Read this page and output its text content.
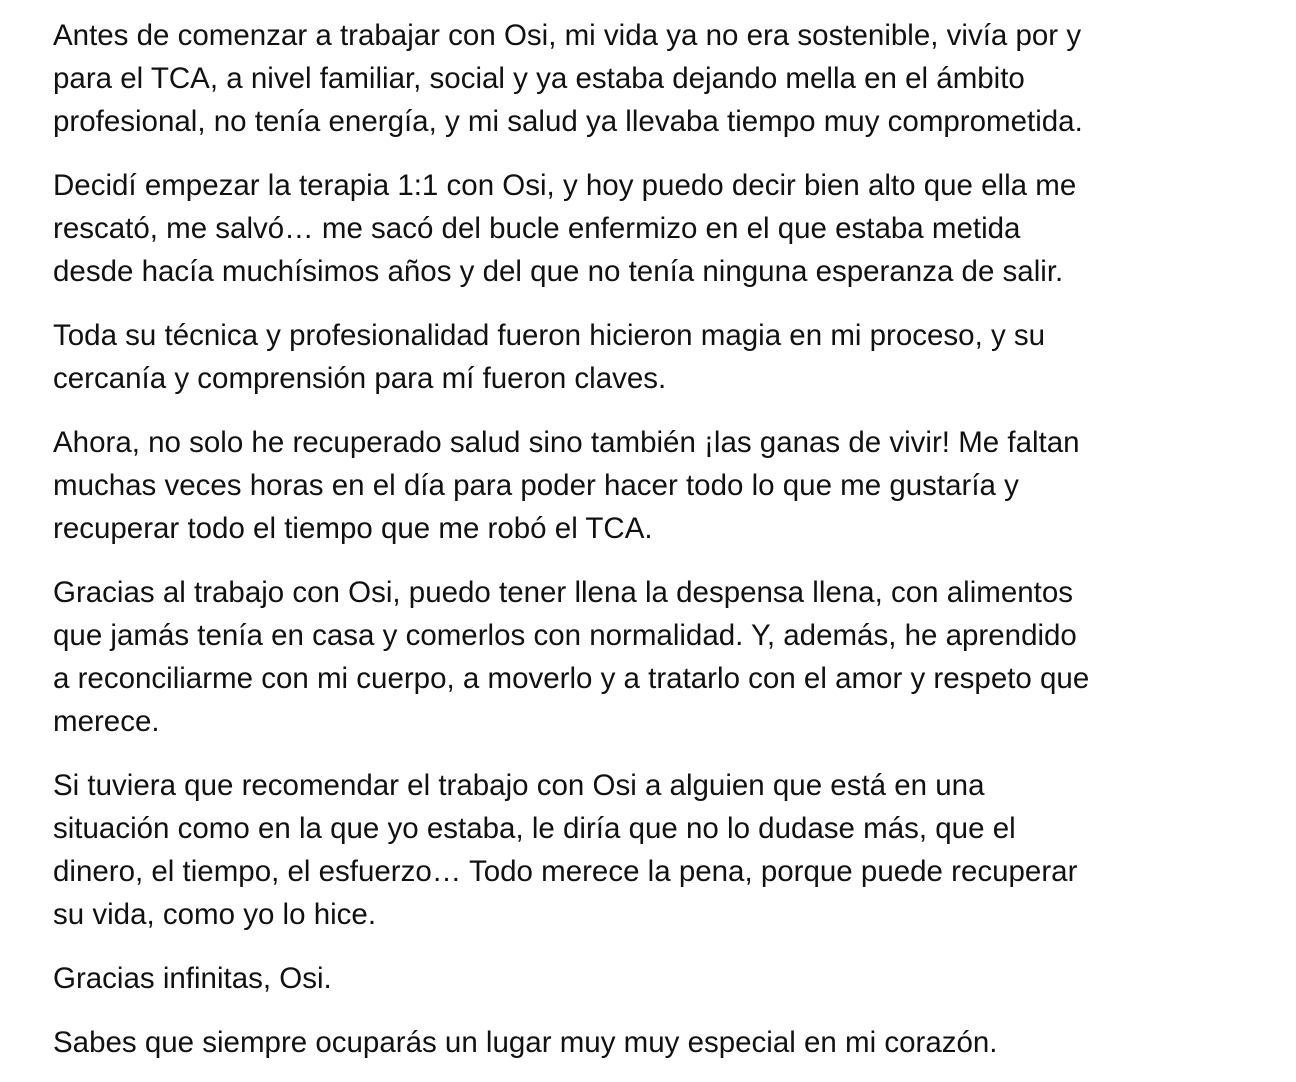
Antes de comenzar a trabajar con Osi, mi vida ya no era sostenible, vivía por y
para el TCA, a nivel familiar, social y ya estaba dejando mella en el ámbito
profesional, no tenía energía, y mi salud ya llevaba tiempo muy comprometida.

Decidí empezar la terapia 1:1 con Osi, y hoy puedo decir bien alto que ella me
rescató, me salvó… me sacó del bucle enfermizo en el que estaba metida
desde hacía muchísimos años y del que no tenía ninguna esperanza de salir.

Toda su técnica y profesionalidad fueron hicieron magia en mi proceso, y su
cercanía y comprensión para mí fueron claves.

Ahora, no solo he recuperado salud sino también ¡las ganas de vivir! Me faltan
muchas veces horas en el día para poder hacer todo lo que me gustaría y
recuperar todo el tiempo que me robó el TCA.

Gracias al trabajo con Osi, puedo tener llena la despensa llena, con alimentos
que jamás tenía en casa y comerlos con normalidad. Y, además, he aprendido
a reconciliarme con mi cuerpo, a moverlo y a tratarlo con el amor y respeto que
merece.

Si tuviera que recomendar el trabajo con Osi a alguien que está en una
situación como en la que yo estaba, le diría que no lo dudase más, que el
dinero, el tiempo, el esfuerzo… Todo merece la pena, porque puede recuperar
su vida, como yo lo hice.

Gracias infinitas, Osi.

Sabes que siempre ocuparás un lugar muy muy especial en mi corazón.
